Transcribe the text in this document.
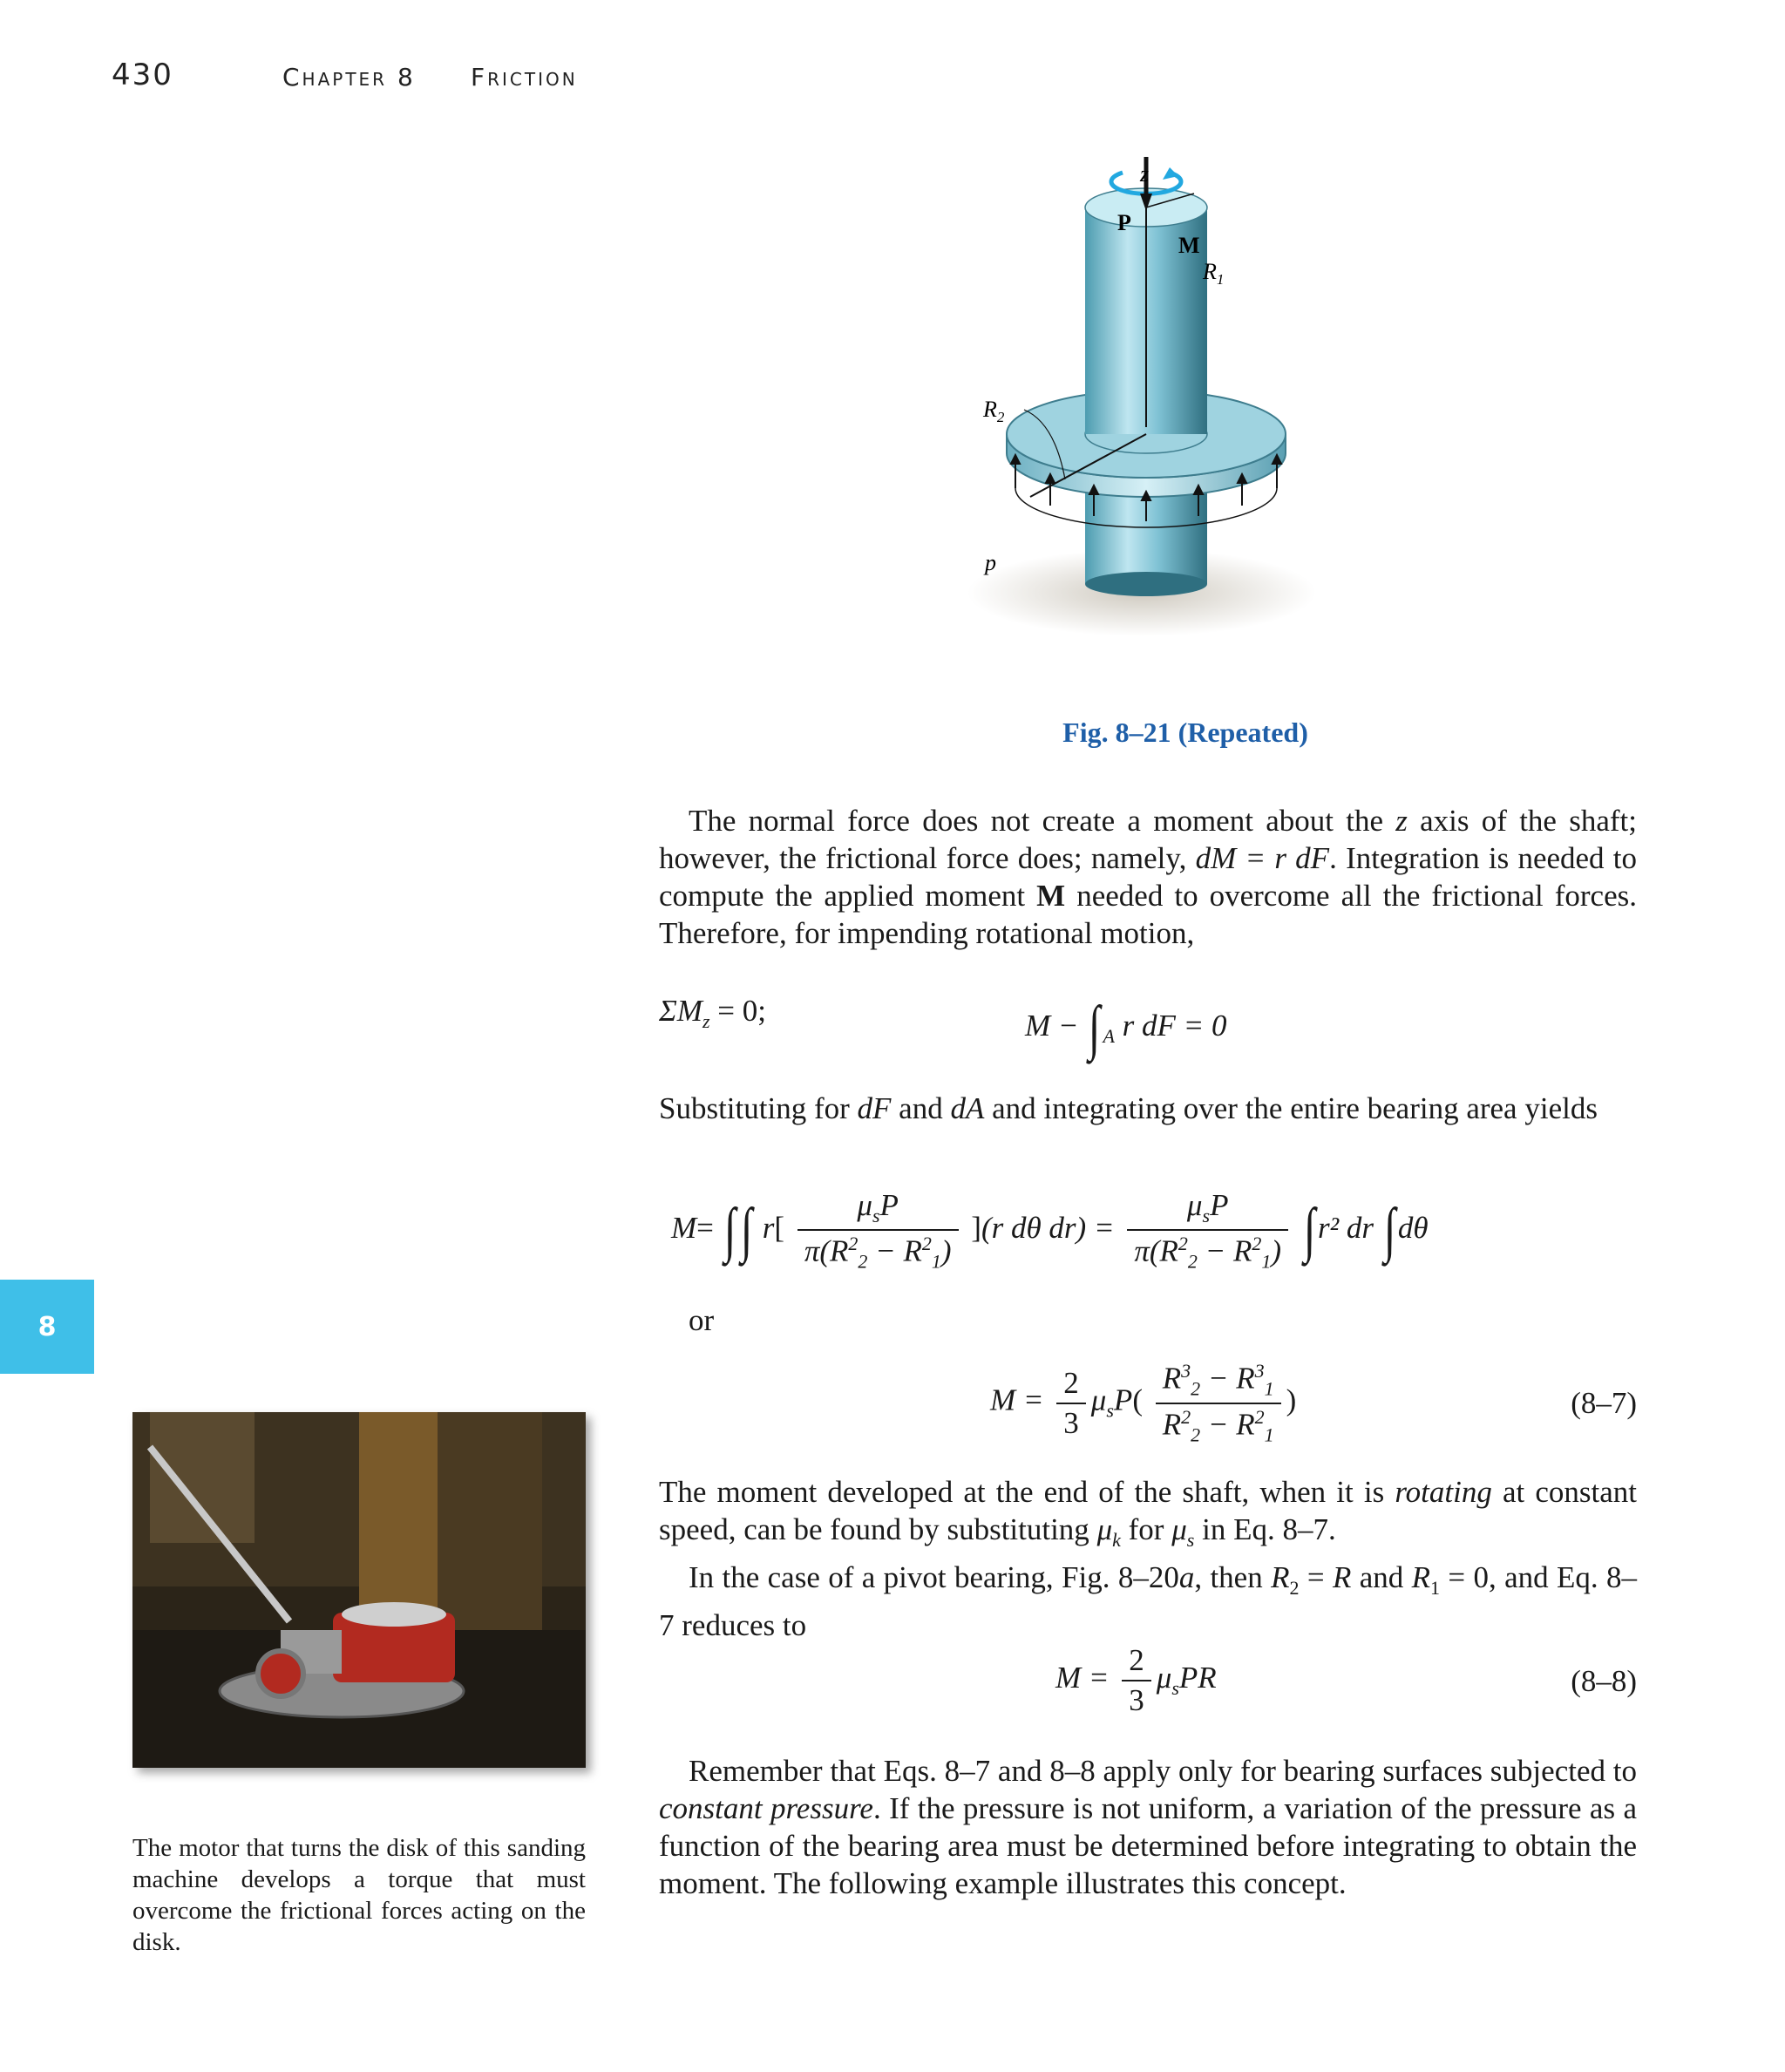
430	Chapter 8 Friction
8
z
P
M
$R_1$
$R_2$
p
Fig. 8–21 (Repeated)

The normal force does not create a moment about the z axis of the shaft; however, the frictional force does; namely, dM = r dF. Integration is needed to compute the applied moment M needed to overcome all the frictional forces. Therefore, for impending rotational motion,

$\Sigma M_z = 0$;	M − ∫ $_A$ r dF = 0

Substituting for dF and dA and integrating over the entire bearing area yields

M= ∫∫ $r[ \frac{\mu_sP}{\pi(R^2_2 - R^2_1)} ](r$ dθ $dr) = \frac{\mu_sP}{\pi(R^2_2 - R^2_1)} \int r^2$ dr ∫dθ
or
$M = \frac{2}{3} \mu_sP( \frac{R^3_2 - R^3_1}{R^2_2 - R^2_1}$ )	(8–7)

The moment developed at the end of the shaft, when it is rotating at constant speed, can be found by substituting $\mu_k$ for $\mu_s$ in Eq. 8–7.

In the case of a pivot bearing, Fig. 8–20a, then $R_2 = R$ and $R_1 = 0$, and Eq. 8–7 reduces to

$M = \frac{2}{3} \mu_sPR$	(8–8)

Remember that Eqs. 8–7 and 8–8 apply only for bearing surfaces subjected to constant pressure. If the pressure is not uniform, a variation of the pressure as a function of the bearing area must be determined before integrating to obtain the moment. The following example illustrates this concept.

The motor that turns the disk of this sanding machine develops a torque that must overcome the frictional forces acting on the disk.
